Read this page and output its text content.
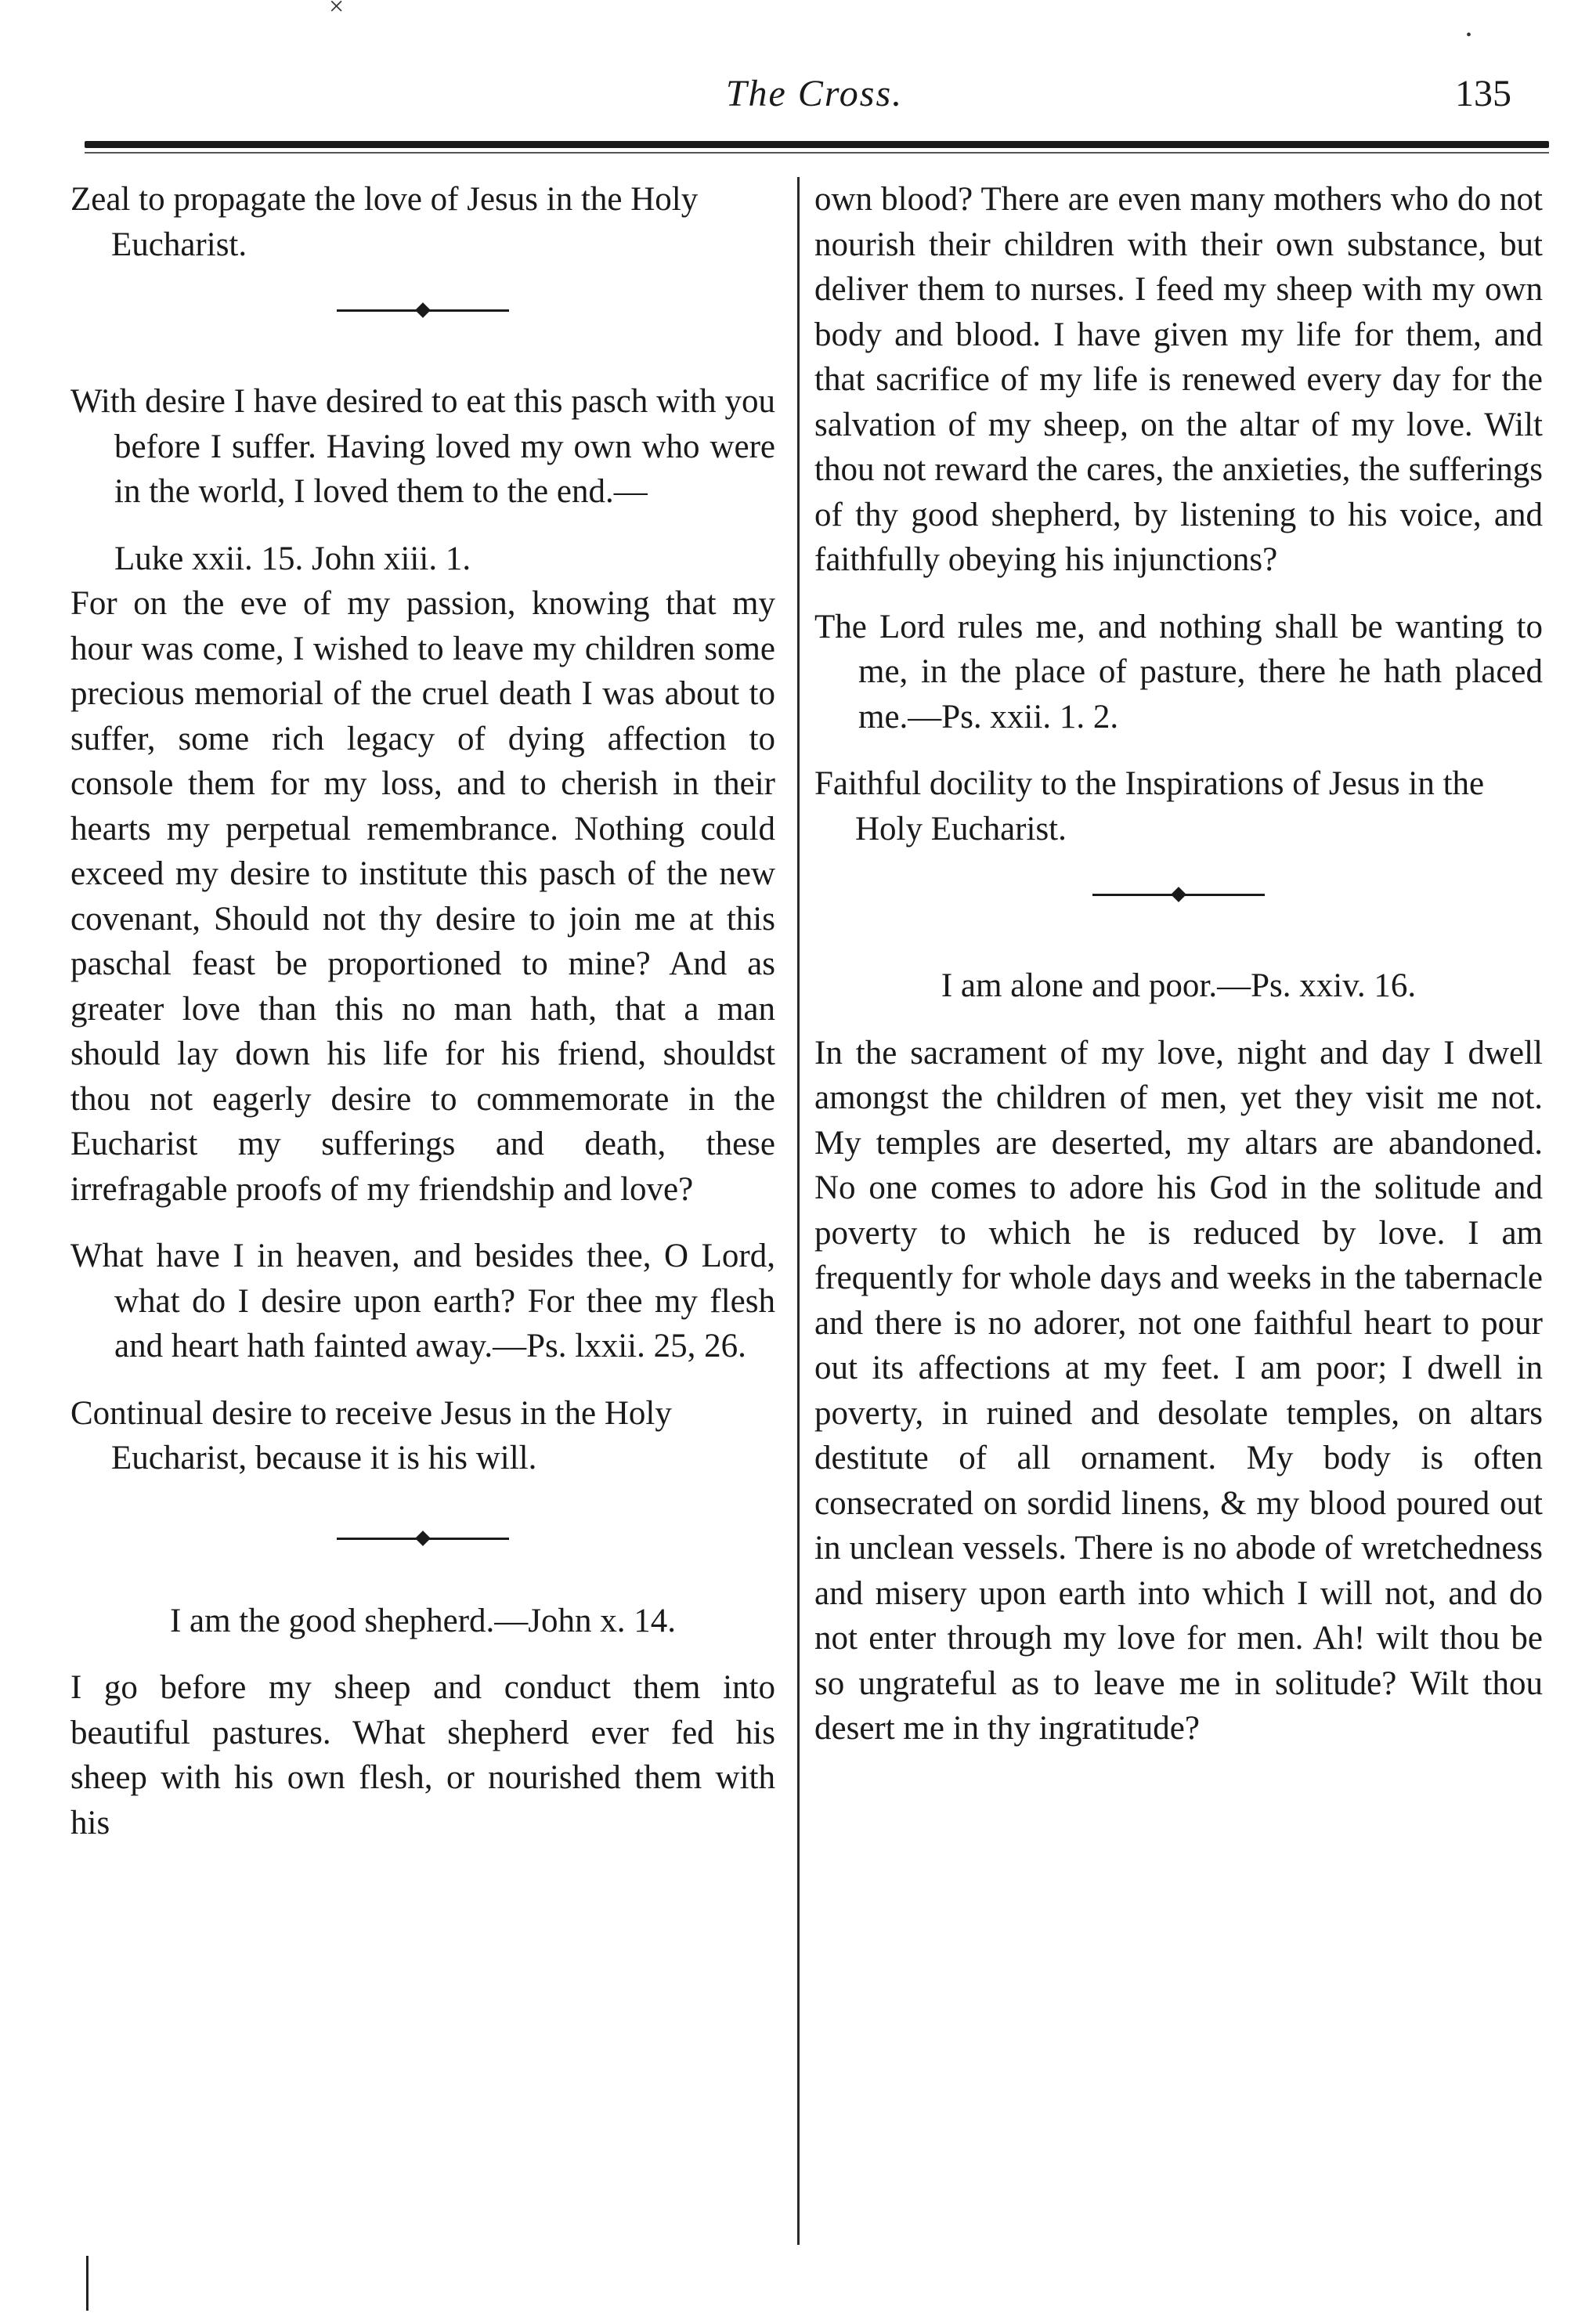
×
•
The Cross.	135

Zeal to propagate the love of Jesus in the Holy Eucharist.

With desire I have desired to eat this pasch with you before I suffer. Having loved my own who were in the world, I loved them to the end.—

Luke xxii. 15. John xiii. 1.

For on the eve of my passion, knowing that my hour was come, I wished to leave my children some precious memorial of the cruel death I was about to suffer, some rich legacy of dying affection to console them for my loss, and to cherish in their hearts my perpetual remembrance. Nothing could exceed my desire to institute this pasch of the new covenant, Should not thy desire to join me at this paschal feast be proportioned to mine? And as greater love than this no man hath, that a man should lay down his life for his friend, shouldst thou not eagerly desire to commemorate in the Eucharist my sufferings and death, these irrefragable proofs of my friendship and love?

What have I in heaven, and besides thee, O Lord, what do I desire upon earth? For thee my flesh and heart hath fainted away.—Ps. lxxii. 25, 26.

Continual desire to receive Jesus in the Holy Eucharist, because it is his will.

I am the good shepherd.—John x. 14.

I go before my sheep and conduct them into beautiful pastures. What shepherd ever fed his sheep with his own flesh, or nourished them with his

own blood? There are even many mothers who do not nourish their children with their own substance, but deliver them to nurses. I feed my sheep with my own body and blood. I have given my life for them, and that sacrifice of my life is renewed every day for the salvation of my sheep, on the altar of my love. Wilt thou not reward the cares, the anxieties, the sufferings of thy good shepherd, by listening to his voice, and faithfully obeying his injunctions?

The Lord rules me, and nothing shall be wanting to me, in the place of pasture, there he hath placed me.—Ps. xxii. 1. 2.

Faithful docility to the Inspirations of Jesus in the Holy Eucharist.

I am alone and poor.—Ps. xxiv. 16.

In the sacrament of my love, night and day I dwell amongst the children of men, yet they visit me not. My temples are deserted, my altars are abandoned. No one comes to adore his God in the solitude and poverty to which he is reduced by love. I am frequently for whole days and weeks in the tabernacle and there is no adorer, not one faithful heart to pour out its affections at my feet. I am poor; I dwell in poverty, in ruined and desolate temples, on altars destitute of all ornament. My body is often consecrated on sordid linens, & my blood poured out in unclean vessels. There is no abode of wretchedness and misery upon earth into which I will not, and do not enter through my love for men. Ah! wilt thou be so ungrateful as to leave me in solitude? Wilt thou desert me in thy ingratitude?
